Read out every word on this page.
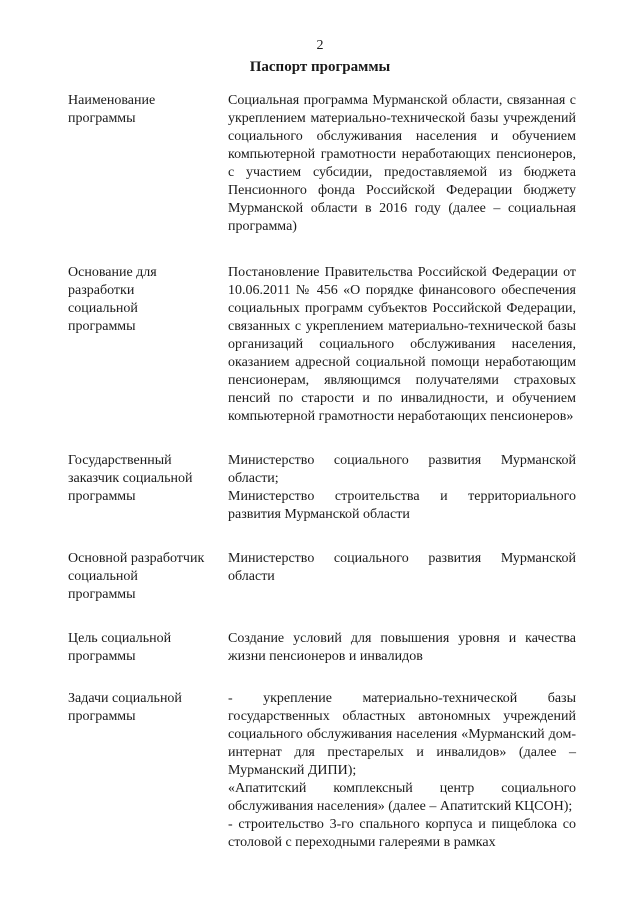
2
Паспорт программы
Наименование
программы

Социальная программа Мурманской области, связанная с укреплением материально-технической базы учреждений социального обслуживания населения и обучением компьютерной грамотности неработающих пенсионеров, с участием субсидии, предоставляемой из бюджета Пенсионного фонда Российской Федерации бюджету Мурманской области в 2016 году (далее – социальная программа)

Основание для
разработки
социальной
программы

Постановление Правительства Российской Федерации от 10.06.2011 № 456 «О порядке финансового обеспечения социальных программ субъектов Российской Федерации, связанных с укреплением материально-технической базы организаций социального обслуживания населения, оказанием адресной социальной помощи неработающим пенсионерам, являющимся получателями страховых пенсий по старости и по инвалидности, и обучением компьютерной грамотности неработающих пенсионеров»

Государственный
заказчик социальной
программы

Министерство социального развития Мурманской области;

Министерство строительства и территориального развития Мурманской области

Основной разработчик
социальной
программы

Министерство социального развития Мурманской области

Цель социальной
программы

Создание условий для повышения уровня и качества жизни пенсионеров и инвалидов

Задачи социальной
программы

- укрепление материально-технической базы государственных областных автономных учреждений социального обслуживания населения «Мурманский дом-интернат для престарелых и инвалидов» (далее – Мурманский ДИПИ);

«Апатитский комплексный центр социального обслуживания населения» (далее – Апатитский КЦСОН);

- строительство 3-го спального корпуса и пищеблока со столовой с переходными галереями в рамках
